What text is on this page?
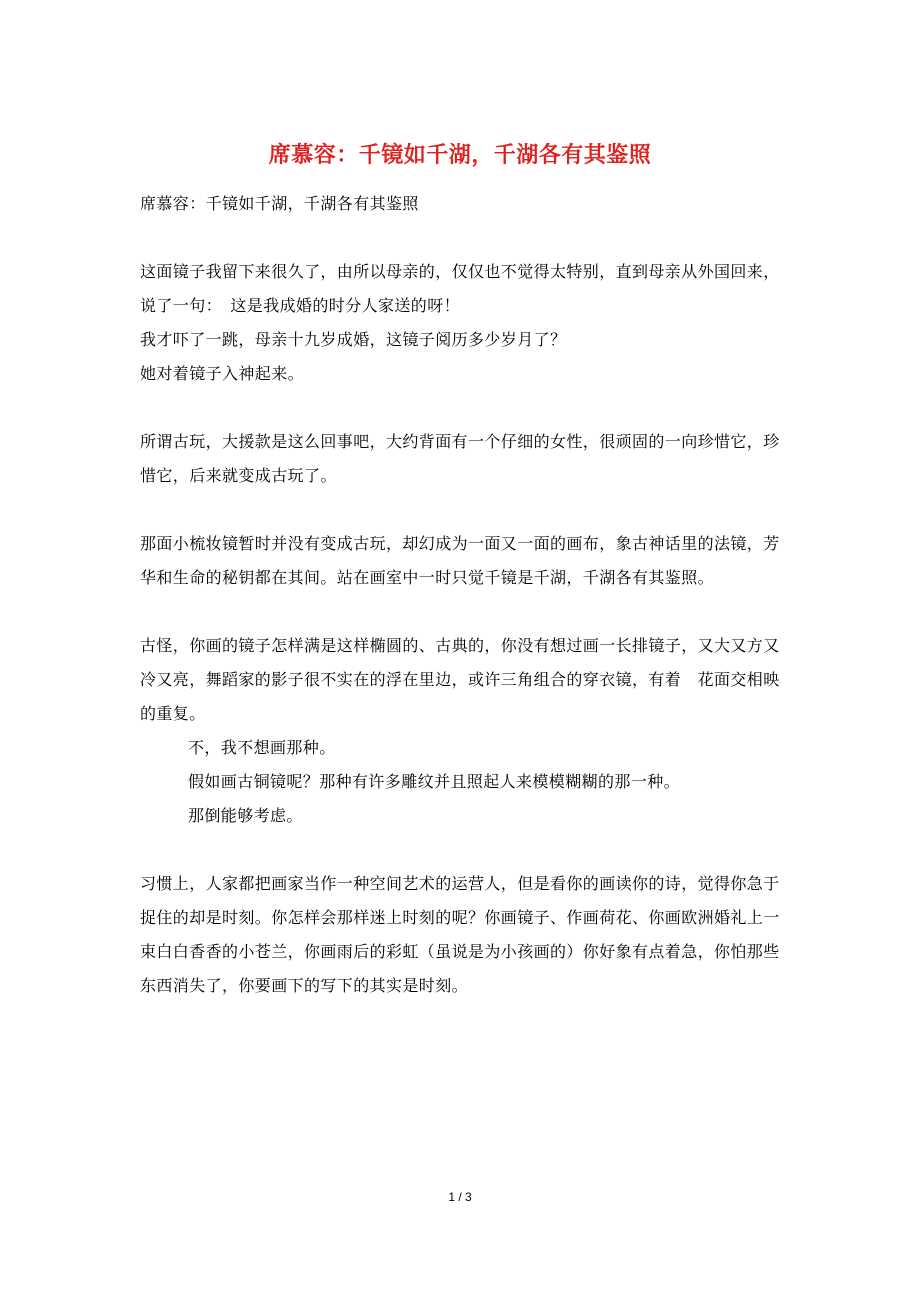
席慕容：千镜如千湖，千湖各有其鉴照

席慕容：千镜如千湖，千湖各有其鉴照

这面镜子我留下来很久了，由所以母亲的，仅仅也不觉得太特别，直到母亲从外国回来，说了一句：　这是我成婚的时分人家送的呀！

我才吓了一跳，母亲十九岁成婚，这镜子阅历多少岁月了？

她对着镜子入神起来。

所谓古玩，大援款是这么回事吧，大约背面有一个仔细的女性，很顽固的一向珍惜它，珍惜它，后来就变成古玩了。

那面小梳妆镜暂时并没有变成古玩，却幻成为一面又一面的画布，象古神话里的法镜，芳华和生命的秘钥都在其间。站在画室中一时只觉千镜是千湖，千湖各有其鉴照。

古怪，你画的镜子怎样满是这样椭圆的、古典的，你没有想过画一长排镜子，又大又方又冷又亮，舞蹈家的影子很不实在的浮在里边，或许三角组合的穿衣镜，有着　花面交相映　的重复。

不，我不想画那种。

假如画古铜镜呢？那种有许多雕纹并且照起人来模模糊糊的那一种。

那倒能够考虑。

习惯上，人家都把画家当作一种空间艺术的运营人，但是看你的画读你的诗，觉得你急于捉住的却是时刻。你怎样会那样迷上时刻的呢？你画镜子、作画荷花、你画欧洲婚礼上一束白白香香的小苍兰，你画雨后的彩虹（虽说是为小孩画的）你好象有点着急，你怕那些东西消失了，你要画下的写下的其实是时刻。

1 / 3
